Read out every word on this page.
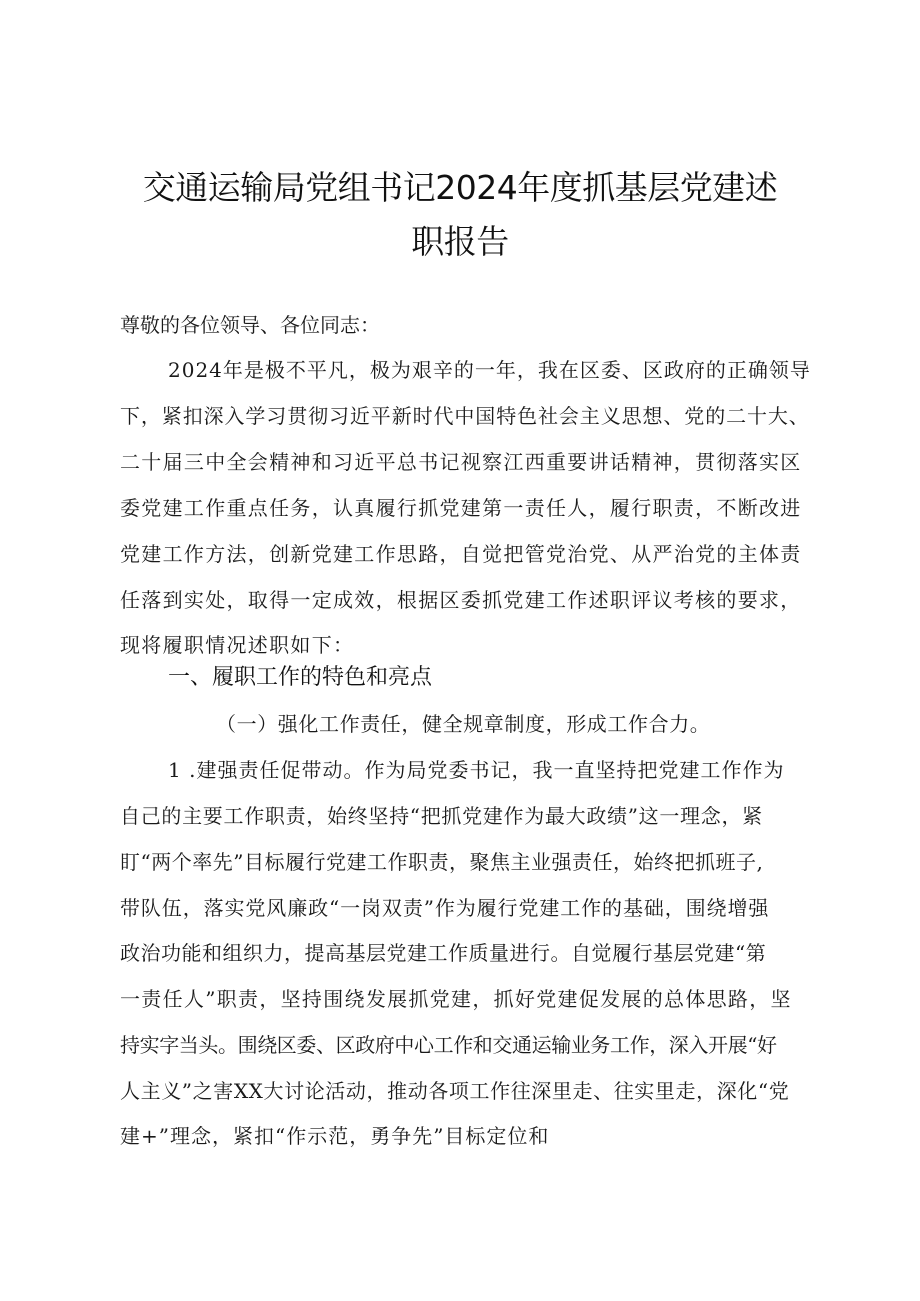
交通运输局党组书记2024年度抓基层党建述
职报告
尊敬的各位领导、各位同志：
2024年是极不平凡，极为艰辛的一年，我在区委、区政府的正确领导
下，紧扣深入学习贯彻习近平新时代中国特色社会主义思想、党的二十大、
二十届三中全会精神和习近平总书记视察江西重要讲话精神，贯彻落实区
委党建工作重点任务，认真履行抓党建第一责任人，履行职责，不断改进
党建工作方法，创新党建工作思路，自觉把管党治党、从严治党的主体责
任落到实处，取得一定成效，根据区委抓党建工作述职评议考核的要求，
现将履职情况述职如下：
一、履职工作的特色和亮点
（一）强化工作责任，健全规章制度，形成工作合力。
1 .建强责任促带动。作为局党委书记，我一直坚持把党建工作作为
自己的主要工作职责，始终坚持“把抓党建作为最大政绩”这一理念，紧
盯“两个率先”目标履行党建工作职责，聚焦主业强责任，始终把抓班子,
带队伍，落实党风廉政“一岗双责”作为履行党建工作的基础，围绕增强
政治功能和组织力，提高基层党建工作质量进行。自觉履行基层党建“第
一责任人”职责，坚持围绕发展抓党建，抓好党建促发展的总体思路，坚
持实字当头。围绕区委、区政府中心工作和交通运输业务工作，深入开展“好
人主义”之害XX大讨论活动，推动各项工作往深里走、往实里走，深化“党
建+”理念，紧扣“作示范，勇争先”目标定位和
